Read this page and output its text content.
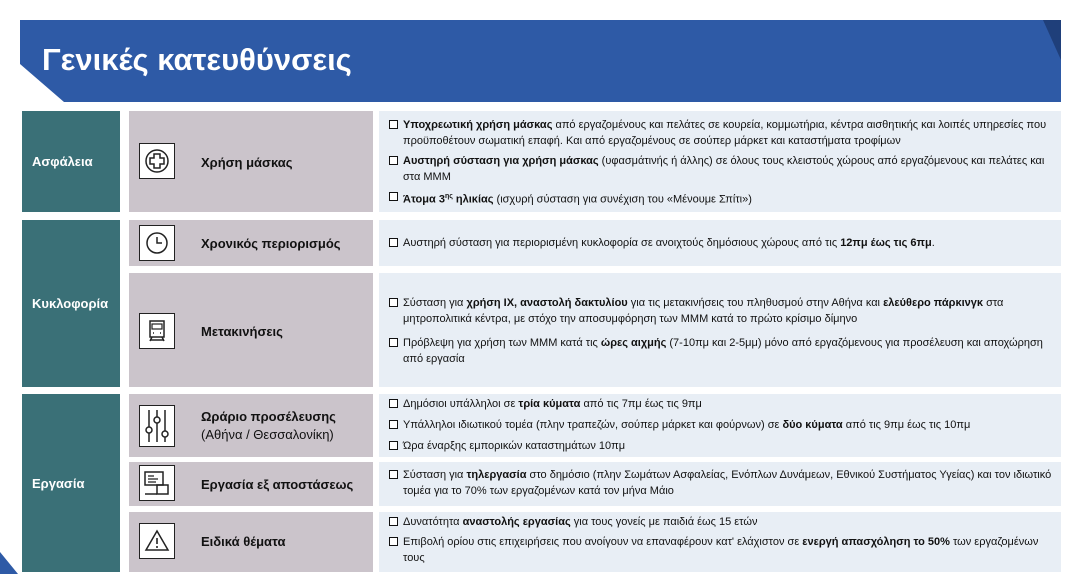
Γενικές κατευθύνσεις
Ασφάλεια
Κυκλοφορία
Εργασία
Χρήση μάσκας
Υποχρεωτική χρήση μάσκας από εργαζομένους και πελάτες σε κουρεία, κομμωτήρια, κέντρα αισθητικής και λοιπές υπηρεσίες που προϋποθέτουν σωματική επαφή. Και από εργαζομένους σε σούπερ μάρκετ και καταστήματα τροφίμων
Αυστηρή σύσταση για χρήση μάσκας (υφασμάτινής ή άλλης) σε όλους τους κλειστούς χώρους από εργαζόμενους και πελάτες και στα ΜΜΜ
Άτομα $3^{\eta\varsigma}$ ηλικίας (ισχυρή σύσταση για συνέχιση του «Μένουμε Σπίτι»)
Χρονικός περιορισμός	Αυστηρή σύσταση για περιορισμένη κυκλοφορία σε ανοιχτούς δημόσιους χώρους από τις 12πμ έως τις 6πμ.
Μετακινήσεις
Σύσταση για χρήση ΙΧ, αναστολή δακτυλίου για τις μετακινήσεις του πληθυσμού στην Αθήνα και ελεύθερο πάρκινγκ στα μητροπολιτικά κέντρα, με στόχο την αποσυμφόρηση των ΜΜΜ κατά το πρώτο κρίσιμο δίμηνο
Πρόβλεψη για χρήση των ΜΜΜ κατά τις ώρες αιχμής (7-10πμ και 2-5μμ) μόνο από εργαζόμενους για προσέλευση και αποχώρηση από εργασία
Ωράριο προσέλευσης
(Αθήνα / Θεσσαλονίκη)
Δημόσιοι υπάλληλοι σε τρία κύματα από τις 7πμ έως τις 9πμ
Υπάλληλοι ιδιωτικού τομέα (πλην τραπεζών, σούπερ μάρκετ και φούρνων) σε δύο κύματα από τις 9πμ έως τις 10πμ
Ώρα έναρξης εμπορικών καταστημάτων 10πμ
Εργασία εξ αποστάσεως
Σύσταση για τηλεργασία στο δημόσιο (πλην Σωμάτων Ασφαλείας, Ενόπλων Δυνάμεων, Εθνικού Συστήματος Υγείας) και τον ιδιωτικό τομέα για το 70% των εργαζομένων κατά τον μήνα Μάιο
Ειδικά θέματα
Δυνατότητα αναστολής εργασίας για τους γονείς με παιδιά έως 15 ετών
Επιβολή ορίου στις επιχειρήσεις που ανοίγουν να επαναφέρουν κατ' ελάχιστον σε ενεργή απασχόληση το 50% των εργαζομένων τους
